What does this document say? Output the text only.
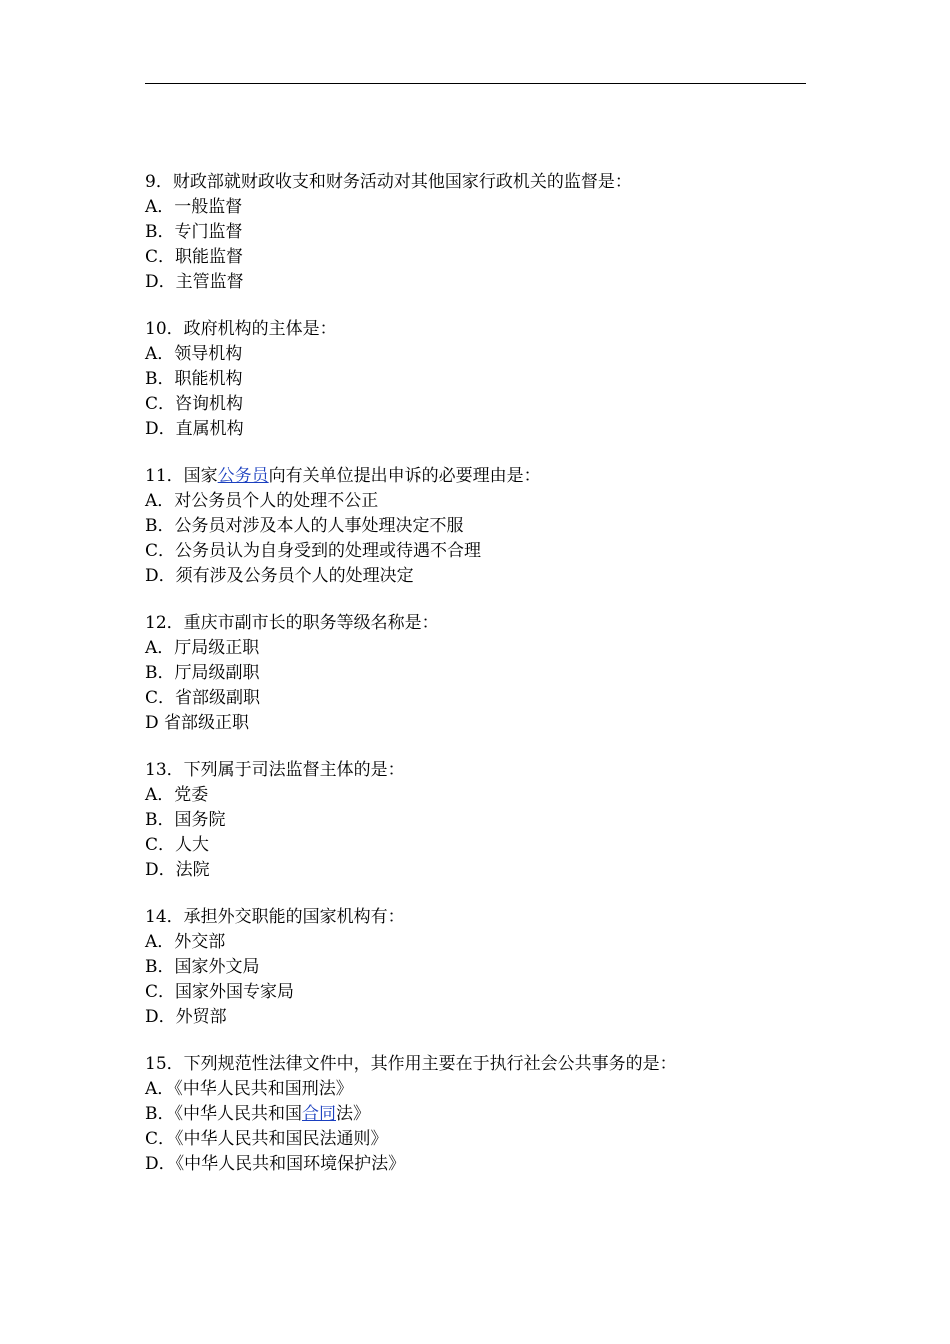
9．财政部就财政收支和财务活动对其他国家行政机关的监督是：
A．一般监督
B．专门监督
C．职能监督
D．主管监督
10．政府机构的主体是：
A．领导机构
B．职能机构
C．咨询机构
D．直属机构
11．国家公务员向有关单位提出申诉的必要理由是：
A．对公务员个人的处理不公正
B．公务员对涉及本人的人事处理决定不服
C．公务员认为自身受到的处理或待遇不合理
D．须有涉及公务员个人的处理决定
12．重庆市副市长的职务等级名称是：
A．厅局级正职
B．厅局级副职
C．省部级副职
D 省部级正职
13．下列属于司法监督主体的是：
A．党委
B．国务院
C．人大
D．法院
14．承担外交职能的国家机构有：
A．外交部
B．国家外文局
C．国家外国专家局
D．外贸部
15．下列规范性法律文件中，其作用主要在于执行社会公共事务的是：
A．《中华人民共和国刑法》
B．《中华人民共和国合同法》
C．《中华人民共和国民法通则》
D．《中华人民共和国环境保护法》
